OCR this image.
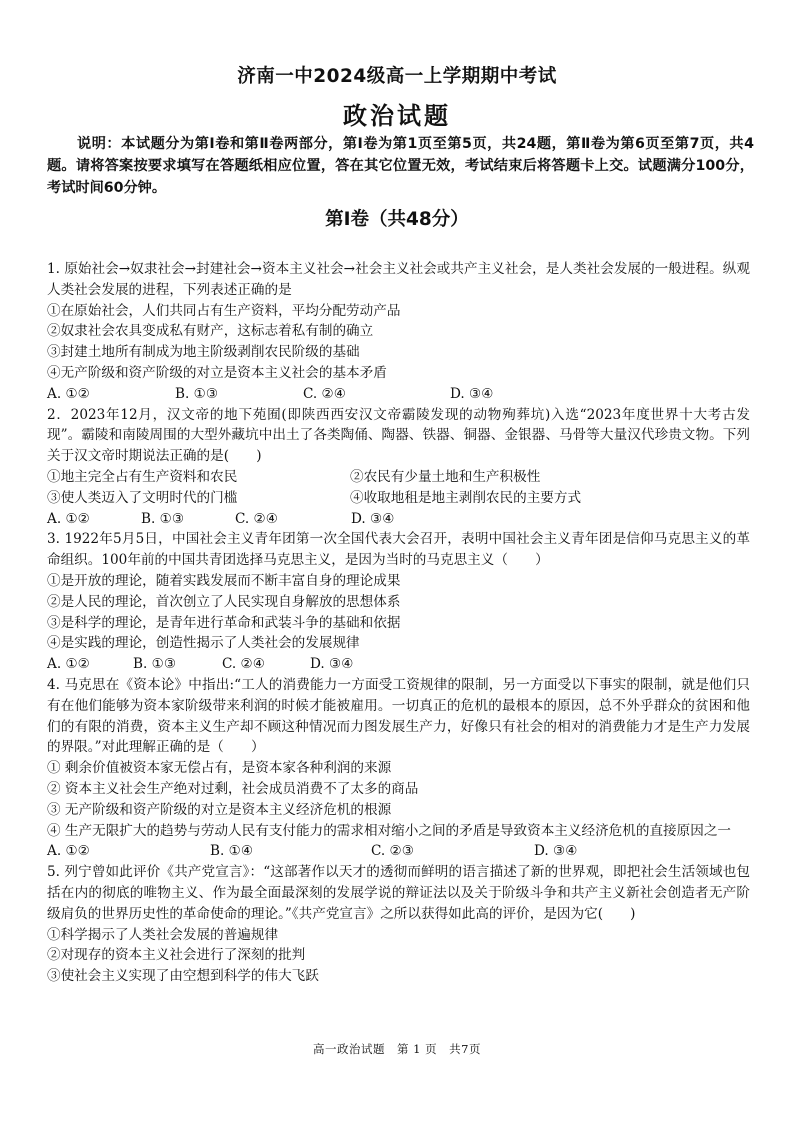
济南一中2024级高一上学期期中考试
政治试题
说明：本试题分为第Ⅰ卷和第Ⅱ卷两部分，第Ⅰ卷为第1页至第5页，共24题，第Ⅱ卷为第6页至第7页，共4题。请将答案按要求填写在答题纸相应位置，答在其它位置无效，考试结束后将答题卡上交。试题满分100分，考试时间60分钟。
第Ⅰ卷（共48分）
1. 原始社会→奴隶社会→封建社会→资本主义社会→社会主义社会或共产主义社会，是人类社会发展的一般进程。纵观人类社会发展的进程，下列表述正确的是
①在原始社会，人们共同占有生产资料，平均分配劳动产品
②奴隶社会农具变成私有财产，这标志着私有制的确立
③封建土地所有制成为地主阶级剥削农民阶级的基础
④无产阶级和资产阶级的对立是资本主义社会的基本矛盾
A. ①②	B. ①③	C. ②④	D. ③④
2．2023年12月，汉文帝的地下苑囿(即陕西西安汉文帝霸陵发现的动物殉葬坑)入选“2023年度世界十大考古发现”。霸陵和南陵周围的大型外藏坑中出土了各类陶俑、陶器、铁器、铜器、金银器、马骨等大量汉代珍贵文物。下列关于汉文帝时期说法正确的是(　　)
①地主完全占有生产资料和农民	②农民有少量土地和生产积极性
③使人类迈入了文明时代的门槛	④收取地租是地主剥削农民的主要方式
A. ①②	B. ①③	C. ②④	D. ③④
3. 1922年5月5日，中国社会主义青年团第一次全国代表大会召开，表明中国社会主义青年团是信仰马克思主义的革命组织。100年前的中国共青团选择马克思主义，是因为当时的马克思主义（　　）
①是开放的理论，随着实践发展而不断丰富自身的理论成果
②是人民的理论，首次创立了人民实现自身解放的思想体系
③是科学的理论，是青年进行革命和武装斗争的基础和依据
④是实践的理论，创造性揭示了人类社会的发展规律
A. ①②	B. ①③	C. ②④	D. ③④
4. 马克思在《资本论》中指出:“工人的消费能力一方面受工资规律的限制，另一方面受以下事实的限制，就是他们只有在他们能够为资本家阶级带来利润的时候才能被雇用。一切真正的危机的最根本的原因，总不外乎群众的贫困和他们的有限的消费，资本主义生产却不顾这种情况而力图发展生产力，好像只有社会的相对的消费能力才是生产力发展的界限。”对此理解正确的是（　　）
① 剩余价值被资本家无偿占有，是资本家各种利润的来源
② 资本主义社会生产绝对过剩，社会成员消费不了太多的商品
③ 无产阶级和资产阶级的对立是资本主义经济危机的根源
④ 生产无限扩大的趋势与劳动人民有支付能力的需求相对缩小之间的矛盾是导致资本主义经济危机的直接原因之一
A. ①②	B. ①④	C. ②③	D. ③④
5. 列宁曾如此评价《共产党宣言》：“这部著作以天才的透彻而鲜明的语言描述了新的世界观，即把社会生活领域也包括在内的彻底的唯物主义、作为最全面最深刻的发展学说的辩证法以及关于阶级斗争和共产主义新社会创造者无产阶级肩负的世界历史性的革命使命的理论。”《共产党宣言》之所以获得如此高的评价，是因为它(　　)
①科学揭示了人类社会发展的普遍规律
②对现存的资本主义社会进行了深刻的批判
③使社会主义实现了由空想到科学的伟大飞跃
高一政治试题　第 1 页　共7页
